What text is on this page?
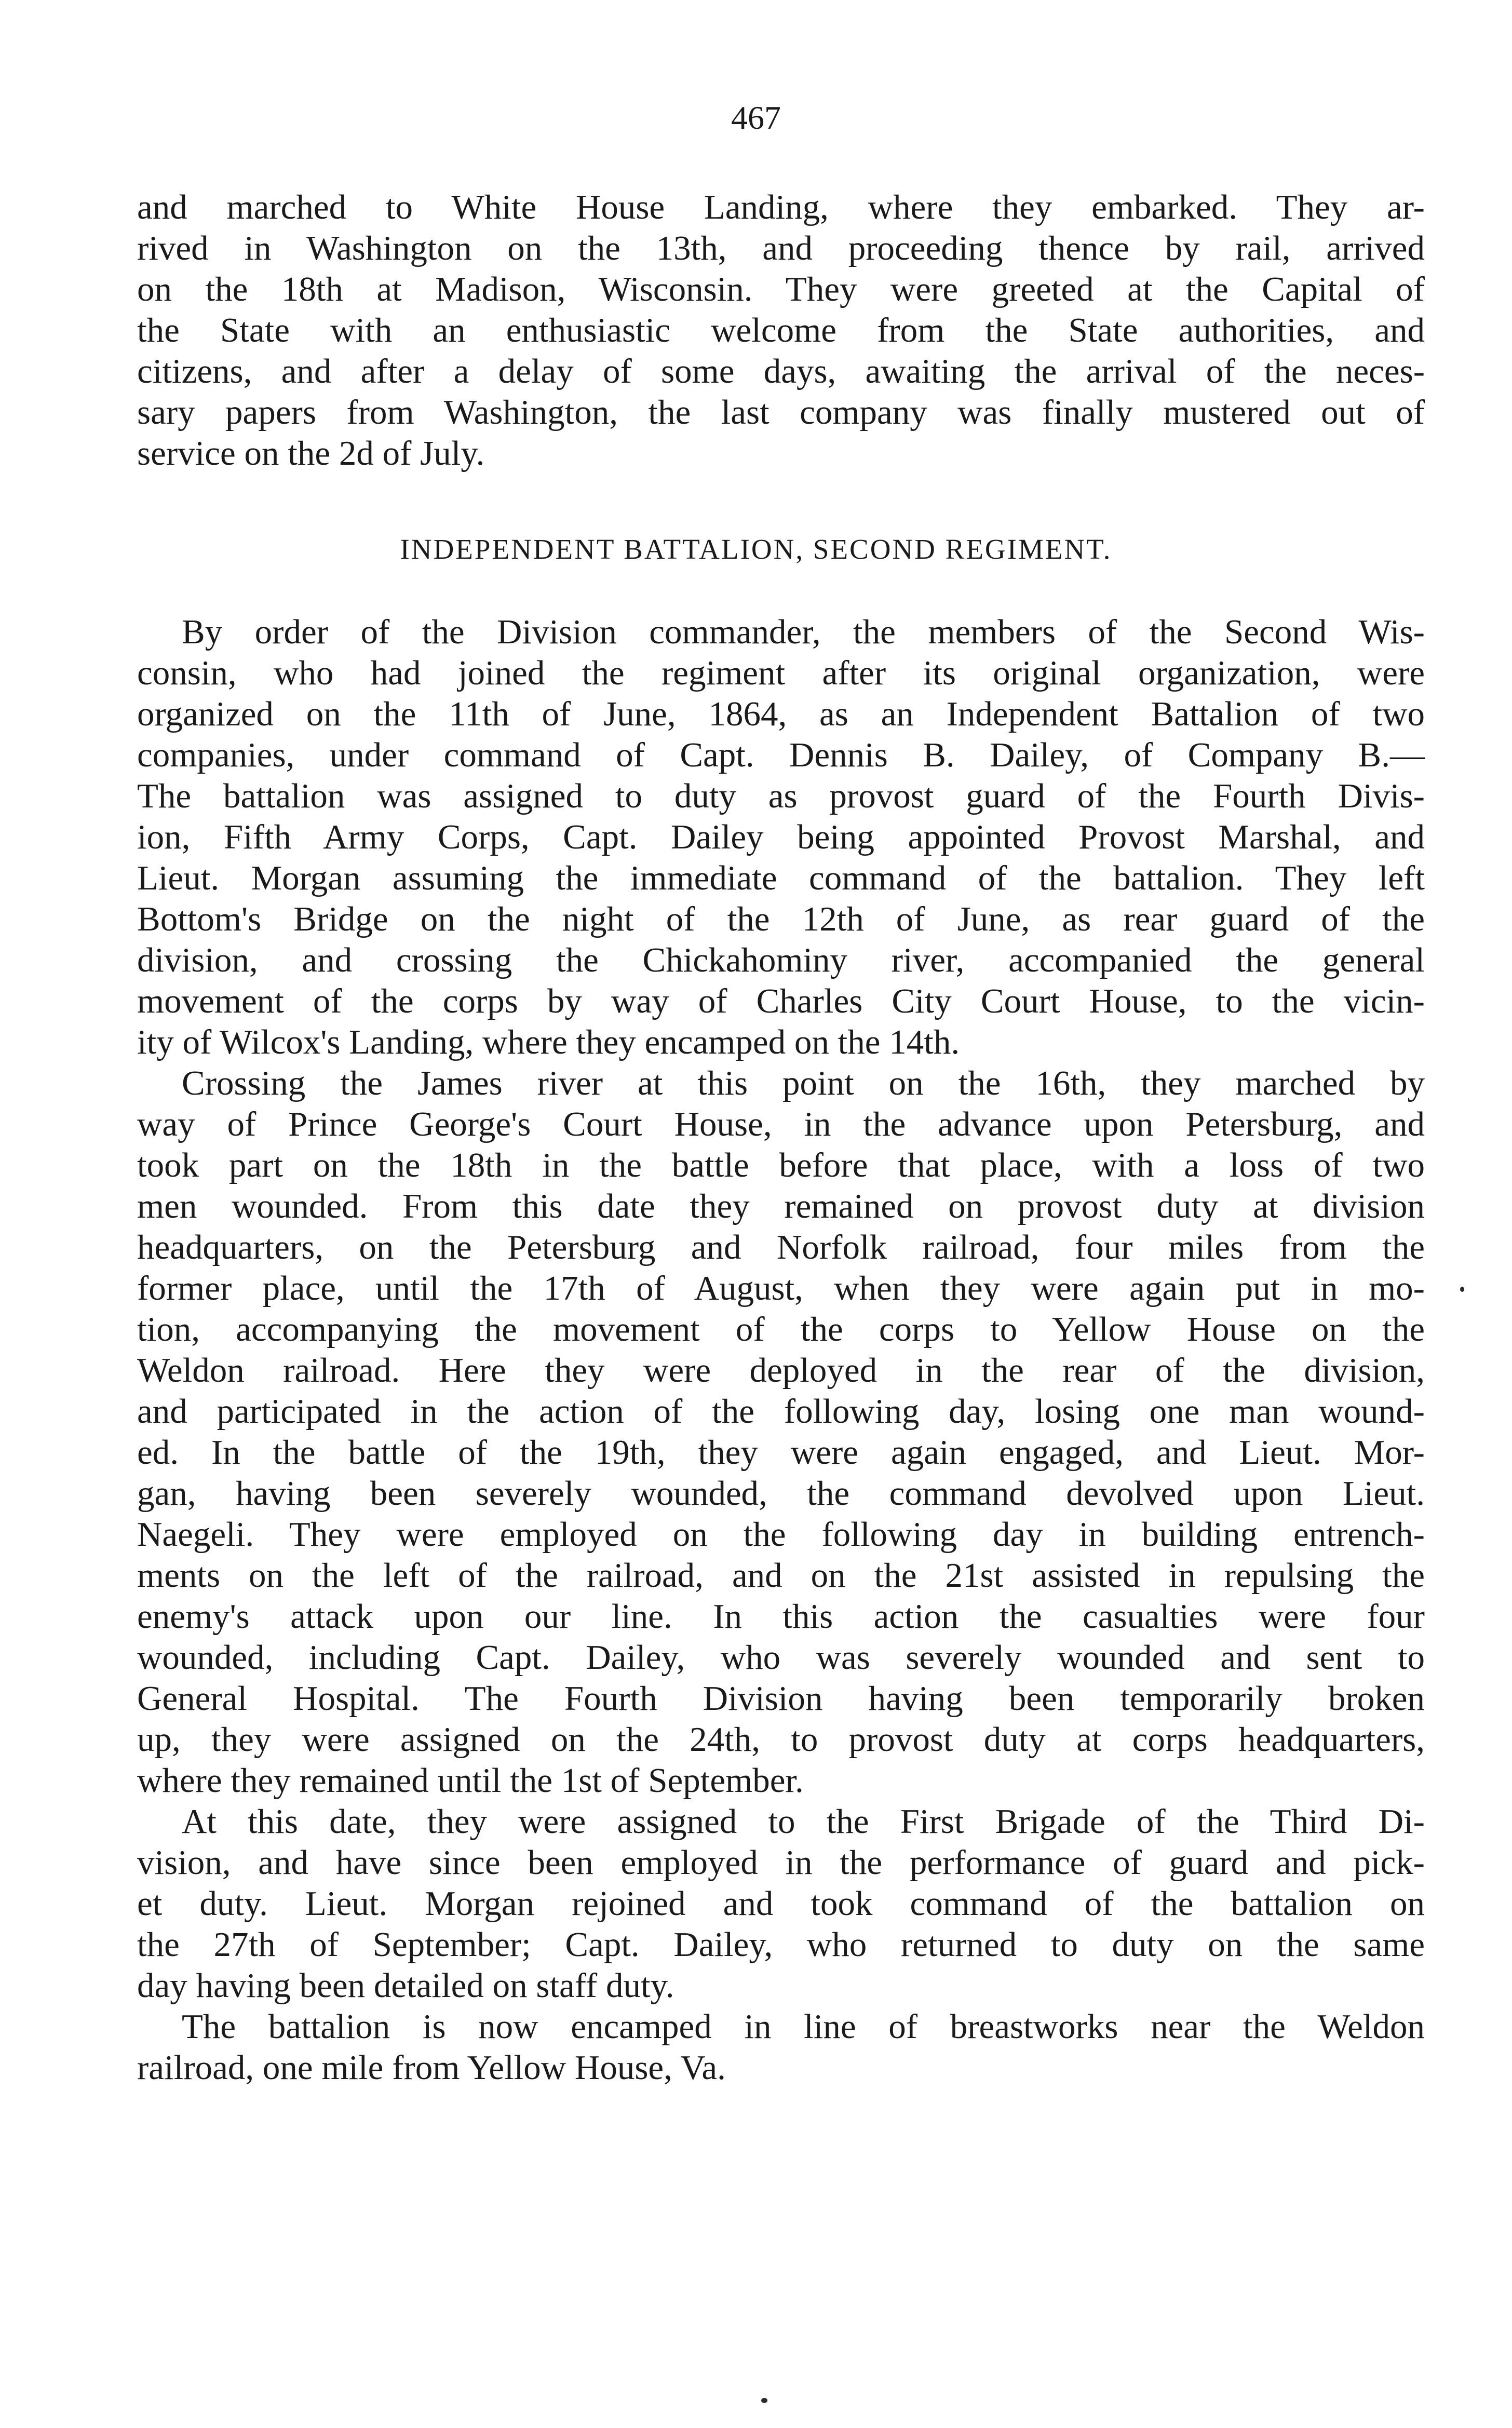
467
and marched to White House Landing, where they embarked. They ar-
rived in Washington on the 13th, and proceeding thence by rail, arrived
on the 18th at Madison, Wisconsin. They were greeted at the Capital of
the State with an enthusiastic welcome from the State authorities, and
citizens, and after a delay of some days, awaiting the arrival of the neces-
sary papers from Washington, the last company was finally mustered out of
service on the 2d of July.
INDEPENDENT BATTALION, SECOND REGIMENT.
By order of the Division commander, the members of the Second Wis-
consin, who had joined the regiment after its original organization, were
organized on the 11th of June, 1864, as an Independent Battalion of two
companies, under command of Capt. Dennis B. Dailey, of Company B.—
The battalion was assigned to duty as provost guard of the Fourth Divis-
ion, Fifth Army Corps, Capt. Dailey being appointed Provost Marshal, and
Lieut. Morgan assuming the immediate command of the battalion. They left
Bottom's Bridge on the night of the 12th of June, as rear guard of the
division, and crossing the Chickahominy river, accompanied the general
movement of the corps by way of Charles City Court House, to the vicin-
ity of Wilcox's Landing, where they encamped on the 14th.
Crossing the James river at this point on the 16th, they marched by
way of Prince George's Court House, in the advance upon Petersburg, and
took part on the 18th in the battle before that place, with a loss of two
men wounded. From this date they remained on provost duty at division
headquarters, on the Petersburg and Norfolk railroad, four miles from the
former place, until the 17th of August, when they were again put in mo-
tion, accompanying the movement of the corps to Yellow House on the
Weldon railroad. Here they were deployed in the rear of the division,
and participated in the action of the following day, losing one man wound-
ed. In the battle of the 19th, they were again engaged, and Lieut. Mor-
gan, having been severely wounded, the command devolved upon Lieut.
Naegeli. They were employed on the following day in building entrench-
ments on the left of the railroad, and on the 21st assisted in repulsing the
enemy's attack upon our line. In this action the casualties were four
wounded, including Capt. Dailey, who was severely wounded and sent to
General Hospital. The Fourth Division having been temporarily broken
up, they were assigned on the 24th, to provost duty at corps headquarters,
where they remained until the 1st of September.
At this date, they were assigned to the First Brigade of the Third Di-
vision, and have since been employed in the performance of guard and pick-
et duty. Lieut. Morgan rejoined and took command of the battalion on
the 27th of September; Capt. Dailey, who returned to duty on the same
day having been detailed on staff duty.
The battalion is now encamped in line of breastworks near the Weldon
railroad, one mile from Yellow House, Va.
